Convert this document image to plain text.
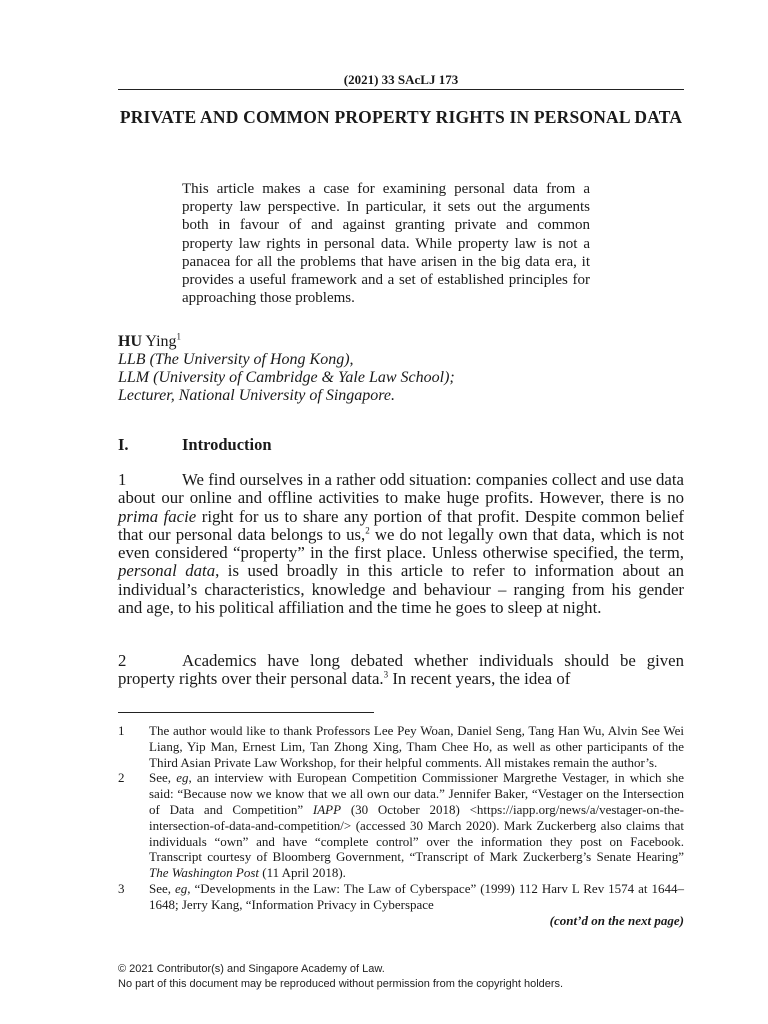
(2021) 33 SAcLJ 173
PRIVATE AND COMMON PROPERTY RIGHTS IN PERSONAL DATA
This article makes a case for examining personal data from a property law perspective. In particular, it sets out the arguments both in favour of and against granting private and common property law rights in personal data. While property law is not a panacea for all the problems that have arisen in the big data era, it provides a useful framework and a set of established principles for approaching those problems.
HU Ying$^1$
LLB (The University of Hong Kong),
LLM (University of Cambridge & Yale Law School);
Lecturer, National University of Singapore.
I.	Introduction
1	We find ourselves in a rather odd situation: companies collect and use data about our online and offline activities to make huge profits. However, there is no prima facie right for us to share any portion of that profit. Despite common belief that our personal data belongs to us,$^2$ we do not legally own that data, which is not even considered “property” in the first place. Unless otherwise specified, the term, personal data, is used broadly in this article to refer to information about an individual’s characteristics, knowledge and behaviour – ranging from his gender and age, to his political affiliation and the time he goes to sleep at night.
2	Academics have long debated whether individuals should be given property rights over their personal data.$^3$ In recent years, the idea of
1	The author would like to thank Professors Lee Pey Woan, Daniel Seng, Tang Han Wu, Alvin See Wei Liang, Yip Man, Ernest Lim, Tan Zhong Xing, Tham Chee Ho, as well as other participants of the Third Asian Private Law Workshop, for their helpful comments. All mistakes remain the author’s.
2	See, eg, an interview with European Competition Commissioner Margrethe Vestager, in which she said: “Because now we know that we all own our data.” Jennifer Baker, “Vestager on the Intersection of Data and Competition” IAPP (30 October 2018) <https://iapp.org/news/a/vestager-on-the-intersection-of-data-and-competition/> (accessed 30 March 2020). Mark Zuckerberg also claims that individuals “own” and have “complete control” over the information they post on Facebook. Transcript courtesy of Bloomberg Government, “Transcript of Mark Zuckerberg’s Senate Hearing” The Washington Post (11 April 2018).
3	See, eg, “Developments in the Law: The Law of Cyberspace” (1999) 112 Harv L Rev 1574 at 1644–1648; Jerry Kang, “Information Privacy in Cyberspace
(cont’d on the next page)
© 2021 Contributor(s) and Singapore Academy of Law.
No part of this document may be reproduced without permission from the copyright holders.
